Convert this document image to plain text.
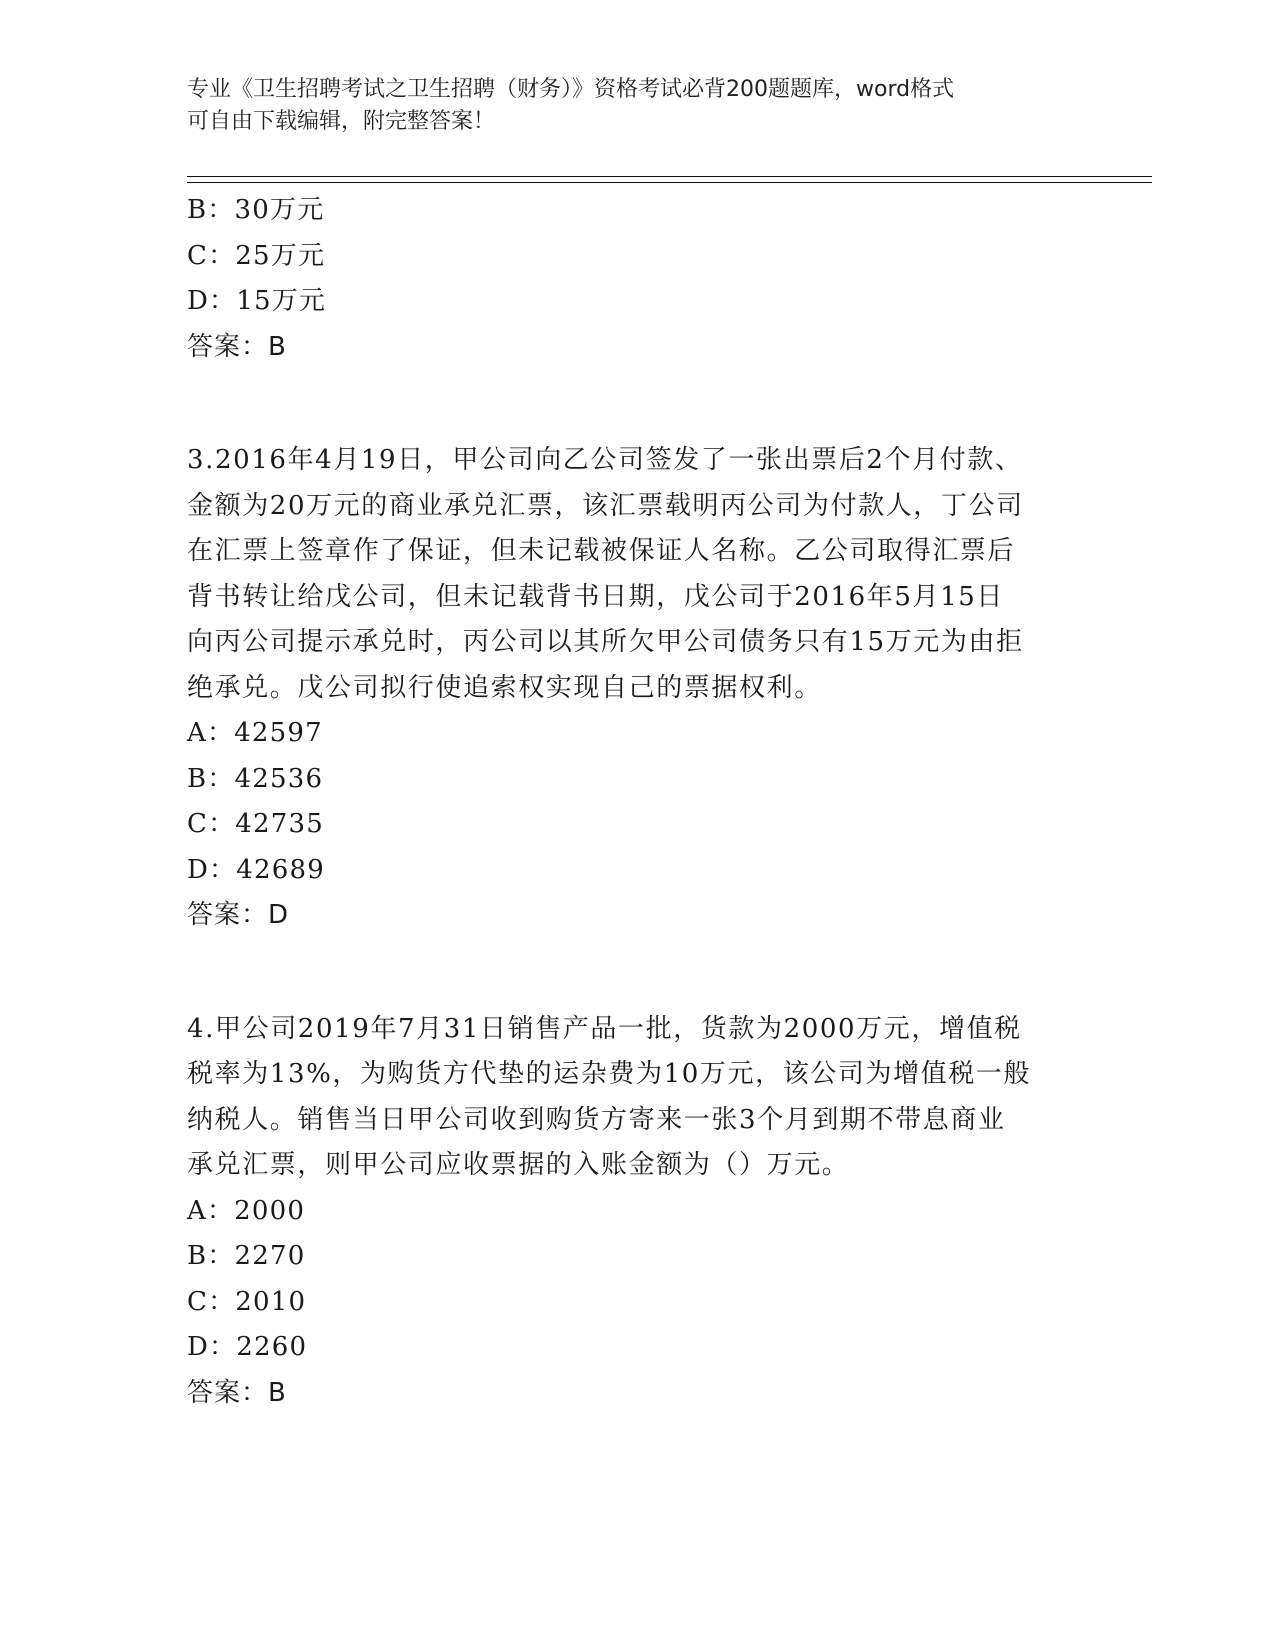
专业《卫生招聘考试之卫生招聘（财务）》资格考试必背200题题库，word格式
可自由下载编辑，附完整答案！
B：30万元
C：25万元
D：15万元
答案：B
3.2016年4月19日，甲公司向乙公司签发了一张出票后2个月付款、
金额为20万元的商业承兑汇票，该汇票载明丙公司为付款人，丁公司
在汇票上签章作了保证，但未记载被保证人名称。乙公司取得汇票后
背书转让给戊公司，但未记载背书日期，戊公司于2016年5月15日
向丙公司提示承兑时，丙公司以其所欠甲公司债务只有15万元为由拒
绝承兑。戊公司拟行使追索权实现自己的票据权利。
A：42597
B：42536
C：42735
D：42689
答案：D
4.甲公司2019年7月31日销售产品一批，货款为2000万元，增值税
税率为13%，为购货方代垫的运杂费为10万元，该公司为增值税一般
纳税人。销售当日甲公司收到购货方寄来一张3个月到期不带息商业
承兑汇票，则甲公司应收票据的入账金额为（）万元。
A：2000
B：2270
C：2010
D：2260
答案：B
